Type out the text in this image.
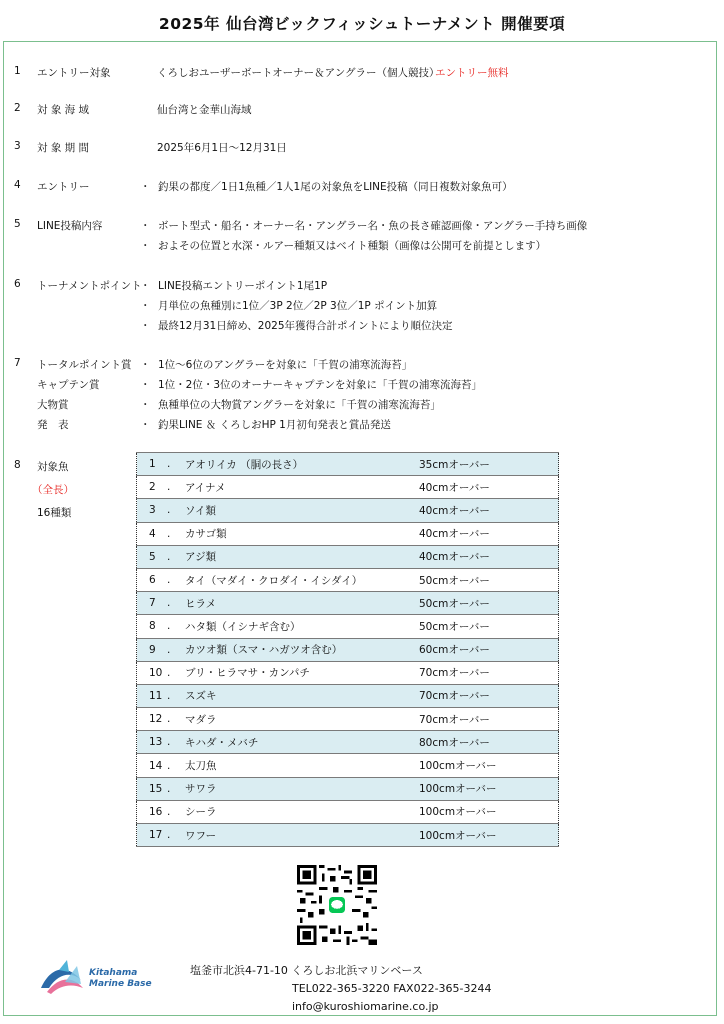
2025年 仙台湾ビックフィッシュトーナメント 開催要項
1 エントリー対象	くろしおユーザーボートオーナー＆アングラー（個人競技）
エントリー無料
2 対 象 海 域	仙台湾と金華山海域
3 対 象 期 間	2025年6月1日～12月31日
4 エントリー	・ 釣果の都度／1日1魚種／1人1尾の対象魚をLINE投稿（同日複数対象魚可）
5 LINE投稿内容	・ ボート型式・船名・オーナー名・アングラー名・魚の長さ確認画像・アングラー手持ち画像
・ およその位置と水深・ルアー種類又はベイト種類（画像は公開可を前提とします）
6 トーナメントポイント
・ LINE投稿エントリーポイント1尾1P
・ 月単位の魚種別に1位／3P 2位／2P 3位／1P ポイント加算
・ 最終12月31日締め、2025年獲得合計ポイントにより順位決定
7 トータルポイント賞 ・ 1位～6位のアングラーを対象に「千賀の浦寒流海苔」
キャプテン賞	・ 1位・2位・3位のオーナーキャプテンを対象に「千賀の浦寒流海苔」
大物賞	・ 魚種単位の大物賞アングラーを対象に「千賀の浦寒流海苔」
発　表	・ 釣果LINE ＆ くろしおHP 1月初旬発表と賞品発送
8 対象魚
（全長）
16種類
1	.	アオリイカ （胴の長さ）	35cmオーバー
2	.	アイナメ	40cmオーバー
3	.	ソイ類	40cmオーバー
4	.	カサゴ類	40cmオーバー
5	.	アジ類	40cmオーバー
6	.	タイ（マダイ・クロダイ・イシダイ）	50cmオーバー
7	.	ヒラメ	50cmオーバー
8	.	ハタ類（イシナギ含む）	50cmオーバー
9	.	カツオ類（スマ・ハガツオ含む）	60cmオーバー
10	.	ブリ・ヒラマサ・カンパチ	70cmオーバー
11	.	スズキ	70cmオーバー
12	.	マダラ	70cmオーバー
13	.	キハダ・メバチ	80cmオーバー
14	.	太刀魚	100cmオーバー
15	.	サワラ	100cmオーバー
16	.	シーラ	100cmオーバー
17	.	ワフー	100cmオーバー
Kitahama
Marine Base
塩釜市北浜4-71-10 くろしお北浜マリンベース
TEL022-365-3220 FAX022-365-3244
info@kuroshiomarine.co.jp
